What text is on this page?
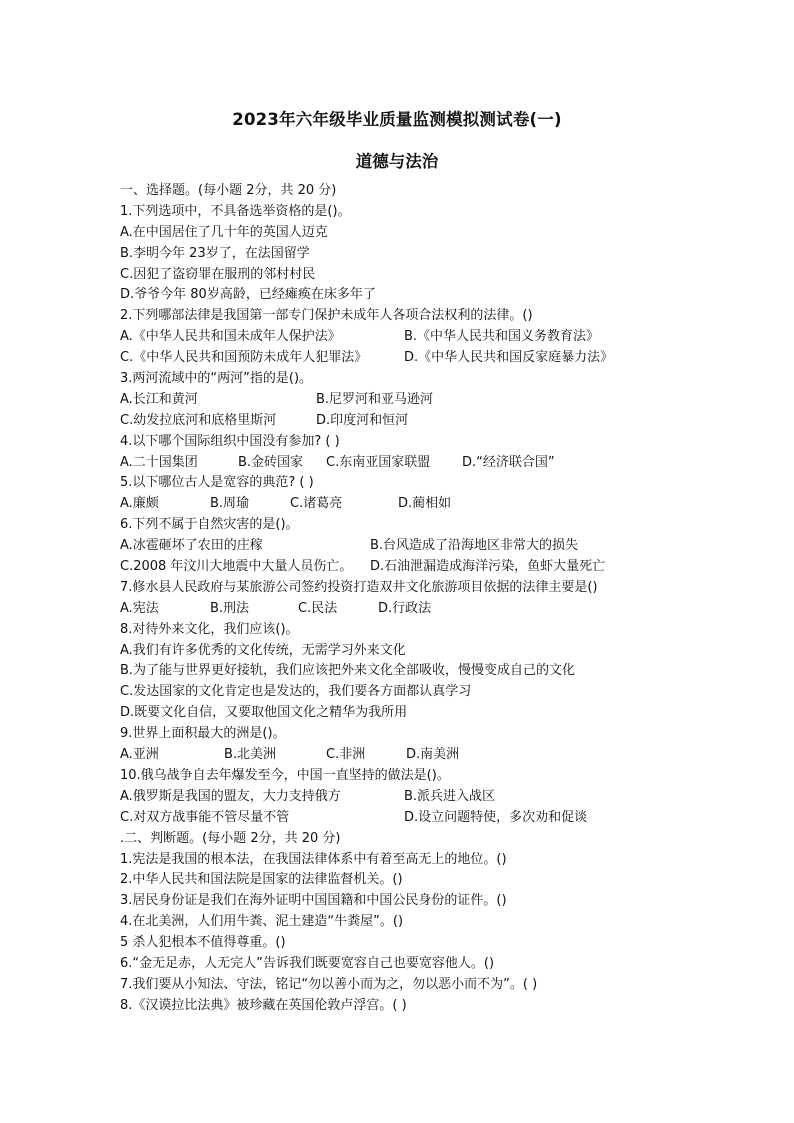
2023年六年级毕业质量监测模拟测试卷(一)
道德与法治
一、选择题。(每小题 2分，共 20 分)
1.下列选项中，不具备选举资格的是()。
A.在中国居住了几十年的英国人迈克
B.李明今年 23岁了，在法国留学
C.因犯了盗窃罪在服刑的邻村村民
D.爷爷今年 80岁高龄，已经瘫痪在床多年了
2.下列哪部法律是我国第一部专门保护未成年人各项合法权利的法律。()
A.《中华人民共和国未成年人保护法》	B.《中华人民共和国义务教育法》
C.《中华人民共和国预防未成年人犯罪法》	D.《中华人民共和国反家庭暴力法》
3.两河流域中的“两河”指的是()。
A.长江和黄河	B.尼罗河和亚马逊河
C.幼发拉底河和底格里斯河	D.印度河和恒河
4.以下哪个国际组织中国没有参加? ( )
A.二十国集团	B.金砖国家	C.东南亚国家联盟	D.“经济联合国”
5.以下哪位古人是宽容的典范? ( )
A.廉颇	B.周瑜	C.诸葛亮	D.蔺相如
6.下列不属于自然灾害的是()。
A.冰雹砸坏了农田的庄稼	B.台风造成了沿海地区非常大的损失
C.2008 年汶川大地震中大量人员伤亡。	D.石油泄漏造成海洋污染，鱼虾大量死亡
7.修水县人民政府与某旅游公司签约投资打造双井文化旅游项目依据的法律主要是()
A.宪法	B.刑法	C.民法	D.行政法
8.对待外来文化，我们应该()。
A.我们有许多优秀的文化传统，无需学习外来文化
B.为了能与世界更好接轨，我们应该把外来文化全部吸收，慢慢变成自己的文化
C.发达国家的文化肯定也是发达的，我们要各方面都认真学习
D.既要文化自信，又要取他国文化之精华为我所用
9.世界上面积最大的洲是()。
A.亚洲	B.北美洲	C.非洲	D.南美洲
10.俄乌战争自去年爆发至今，中国一直坚持的做法是()。
A.俄罗斯是我国的盟友，大力支持俄方	B.派兵进入战区
C.对双方战事能不管尽量不管	D.设立问题特使，多次劝和促谈
.二、判断题。(每小题 2分，共 20 分)
1.宪法是我国的根本法，在我国法律体系中有着至高无上的地位。()
2.中华人民共和国法院是国家的法律监督机关。()
3.居民身份证是我们在海外证明中国国籍和中国公民身份的证件。()
4.在北美洲，人们用牛粪、泥土建造“牛粪屋”。()
5 杀人犯根本不值得尊重。()
6.“金无足赤，人无完人”告诉我们既要宽容自己也要宽容他人。()
7.我们要从小知法、守法，铭记“勿以善小而为之，勿以恶小而不为”。( )
8.《汉谟拉比法典》被珍藏在英国伦敦卢浮宫。( )
